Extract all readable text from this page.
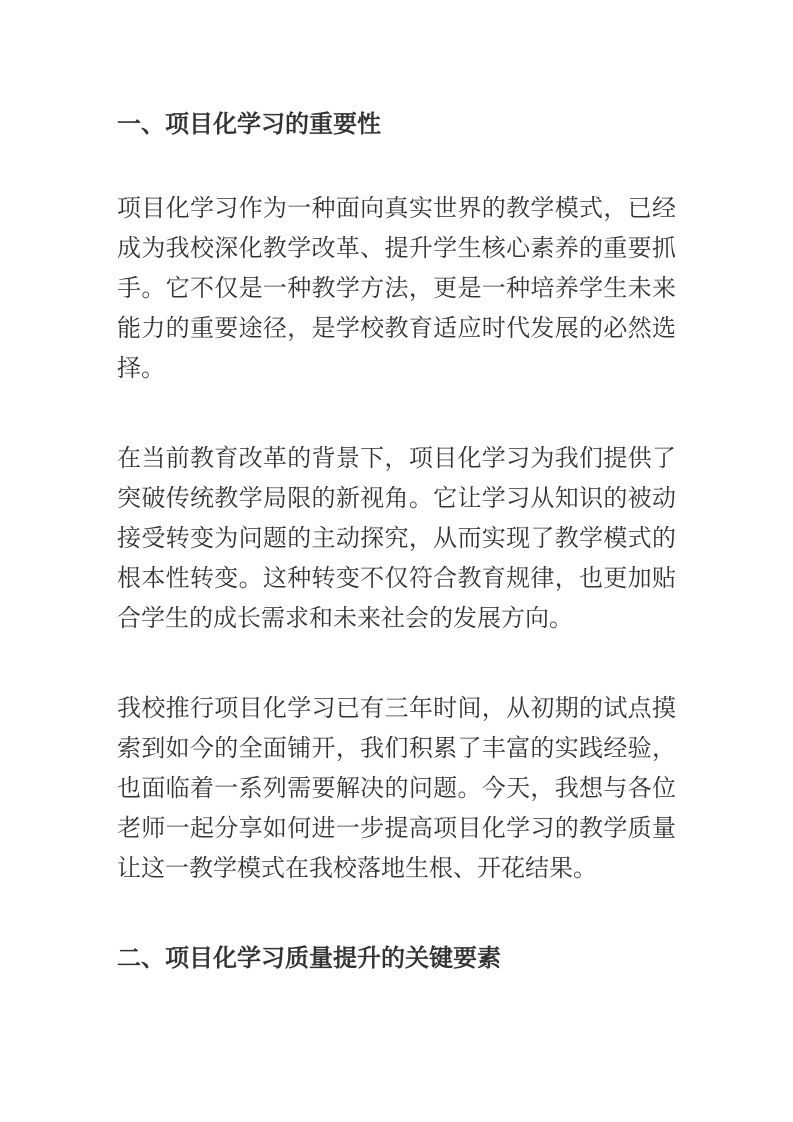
一、项目化学习的重要性

项目化学习作为一种面向真实世界的教学模式，已经成为我校深化教学改革、提升学生核心素养的重要抓手。它不仅是一种教学方法，更是一种培养学生未来能力的重要途径，是学校教育适应时代发展的必然选择。

在当前教育改革的背景下，项目化学习为我们提供了突破传统教学局限的新视角。它让学习从知识的被动接受转变为问题的主动探究，从而实现了教学模式的根本性转变。这种转变不仅符合教育规律，也更加贴合学生的成长需求和未来社会的发展方向。

我校推行项目化学习已有三年时间，从初期的试点摸索到如今的全面铺开，我们积累了丰富的实践经验，也面临着一系列需要解决的问题。今天，我想与各位老师一起分享如何进一步提高项目化学习的教学质量让这一教学模式在我校落地生根、开花结果。

二、项目化学习质量提升的关键要素
